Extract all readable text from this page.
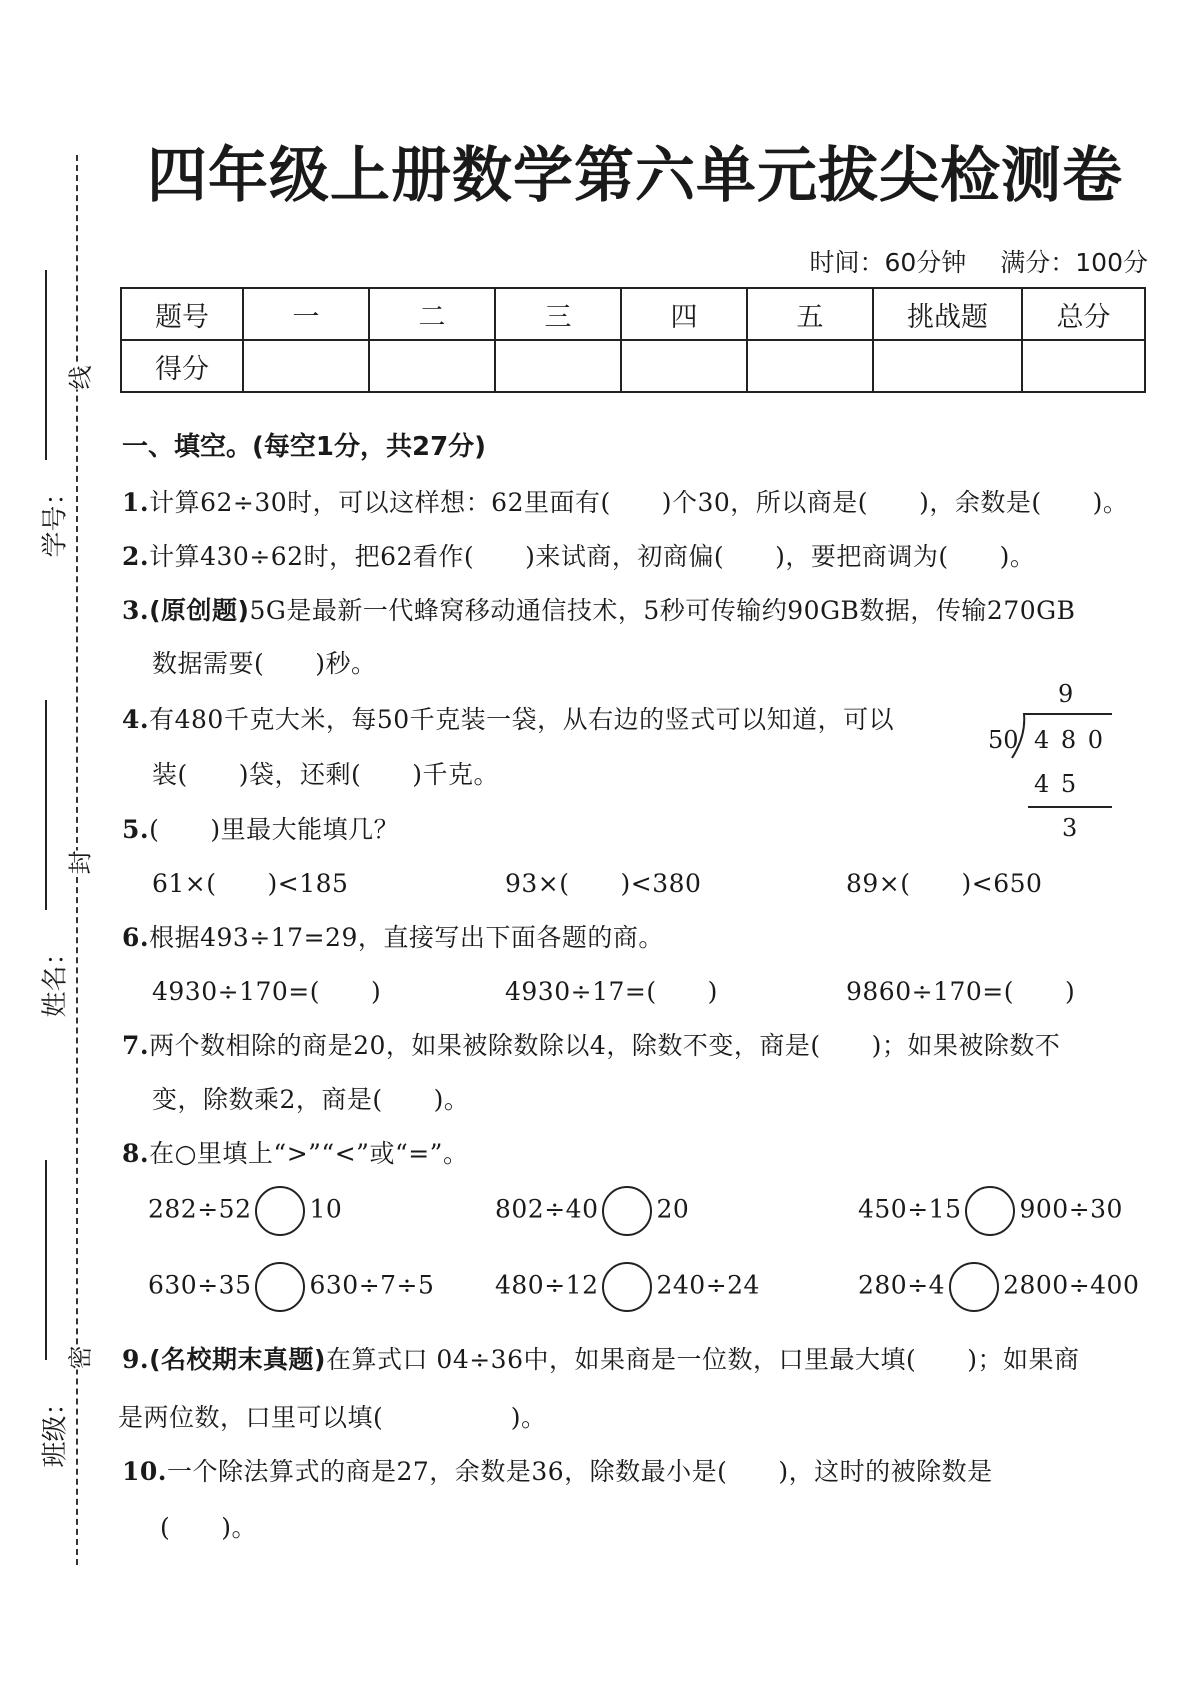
线
封
密
学号：
姓名：
班级：
四年级上册数学第六单元拔尖检测卷
时间：60分钟 满分：100分
题号	一	二	三	四	五	挑战题	总分
得分							
一、填空。(每空1分，共27分)
1.计算62÷30时，可以这样想：62里面有(　　)个30，所以商是(　　)，余数是(　　)。
2.计算430÷62时，把62看作(　　)来试商，初商偏(　　)，要把商调为(　　)。
3.(原创题)5G是最新一代蜂窝移动通信技术，5秒可传输约90GB数据，传输270GB
数据需要(　　)秒。
4.有480千克大米，每50千克装一袋，从右边的竖式可以知道，可以
装(　　)袋，还剩(　　)千克。
9
50 4 8 0
4 5
3
5.(　　)里最大能填几？
61×(　　)<185	93×(　　)<380	89×(　　)<650
6.根据493÷17=29，直接写出下面各题的商。
4930÷170=(　　)	4930÷17=(　　)	9860÷170=(　　)
7.两个数相除的商是20，如果被除数除以4，除数不变，商是(　　)；如果被除数不
变，除数乘2，商是(　　)。
8.在○里填上“>”“<”或“=”。
282÷52 10	802÷40 20	450÷15 900÷30
630÷35 630÷7÷5 480÷12 240÷24	280÷4 2800÷400
9.(名校期末真题)在算式口 04÷36中，如果商是一位数，口里最大填(　　)；如果商
是两位数，口里可以填(　　　　　)。
10.一个除法算式的商是27，余数是36，除数最小是(　　)，这时的被除数是
(　　)。
